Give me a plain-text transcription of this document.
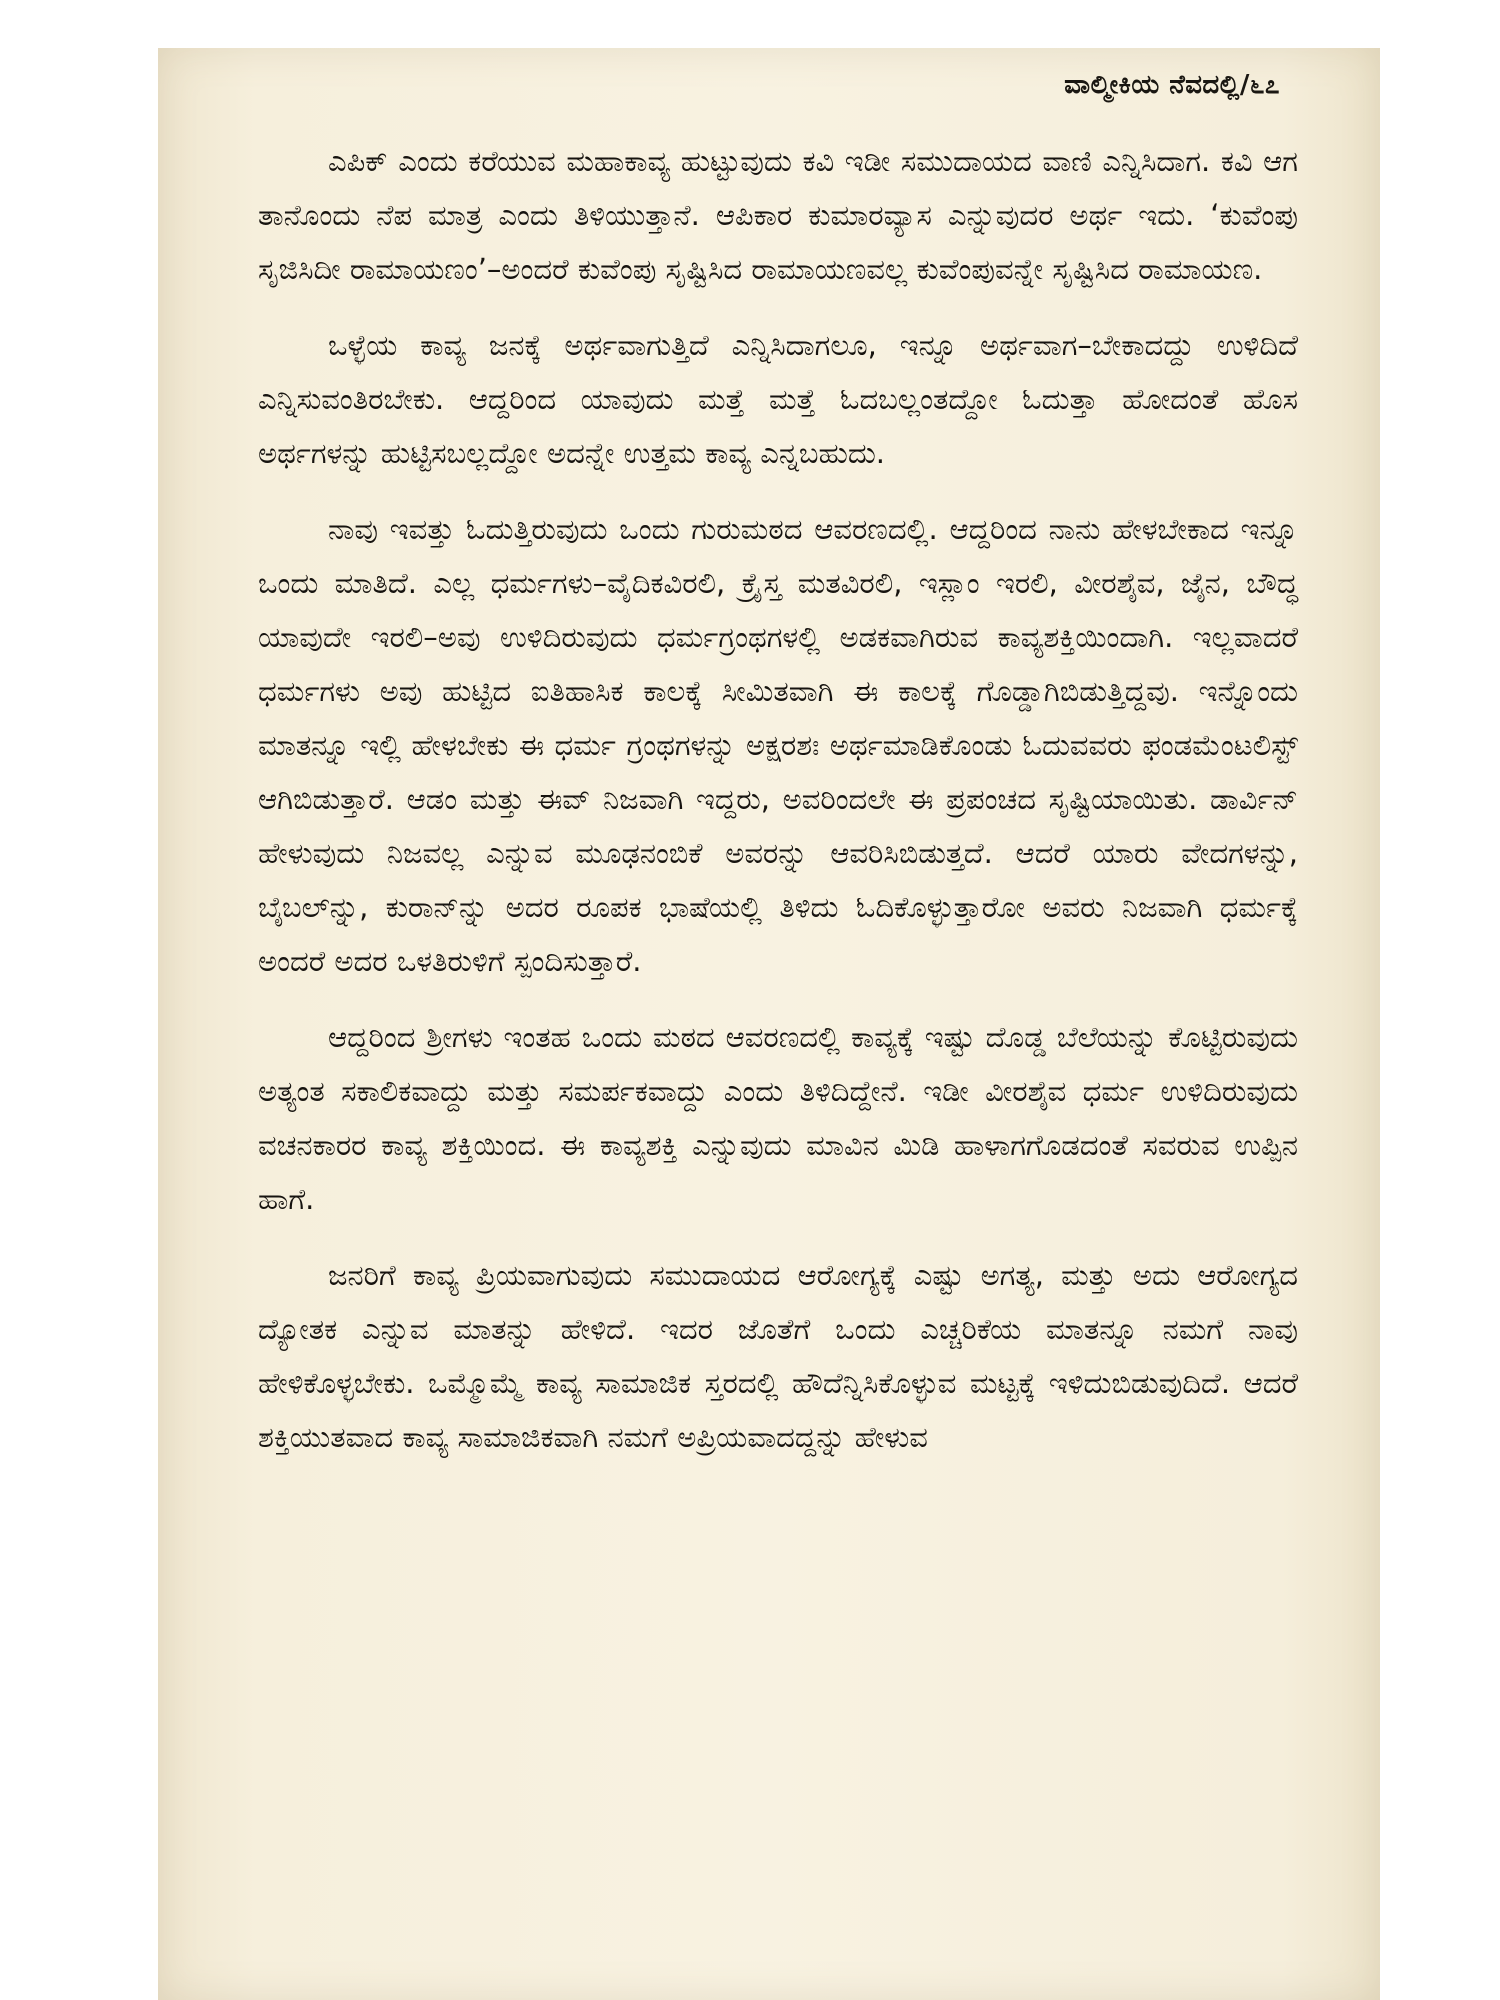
ವಾಲ್ಮೀಕಿಯ ನೆವದಲ್ಲಿ/೬೭

ಎಪಿಕ್ ಎಂದು ಕರೆಯುವ ಮಹಾಕಾವ್ಯ ಹುಟ್ಟುವುದು ಕವಿ ಇಡೀ ಸಮುದಾಯದ ವಾಣಿ ಎನ್ನಿಸಿದಾಗ. ಕವಿ ಆಗ ತಾನೊಂದು ನೆಪ ಮಾತ್ರ ಎಂದು ತಿಳಿಯುತ್ತಾನೆ. ಆಪಿಕಾರ ಕುಮಾರವ್ಯಾಸ ಎನ್ನುವುದರ ಅರ್ಥ ಇದು. ‘ಕುವೆಂಪು ಸೃಜಿಸಿದೀ ರಾಮಾಯಣಂ’–ಅಂದರೆ ಕುವೆಂಪು ಸೃಷ್ಟಿಸಿದ ರಾಮಾಯಣವಲ್ಲ ಕುವೆಂಪುವನ್ನೇ ಸೃಷ್ಟಿಸಿದ ರಾಮಾಯಣ.

ಒಳ್ಳೆಯ ಕಾವ್ಯ ಜನಕ್ಕೆ ಅರ್ಥವಾಗುತ್ತಿದೆ ಎನ್ನಿಸಿದಾಗಲೂ, ಇನ್ನೂ ಅರ್ಥವಾಗ–ಬೇಕಾದದ್ದು ಉಳಿದಿದೆ ಎನ್ನಿಸುವಂತಿರಬೇಕು. ಆದ್ದರಿಂದ ಯಾವುದು ಮತ್ತೆ ಮತ್ತೆ ಓದಬಲ್ಲಂತದ್ದೋ ಓದುತ್ತಾ ಹೋದಂತೆ ಹೊಸ ಅರ್ಥಗಳನ್ನು ಹುಟ್ಟಿಸಬಲ್ಲದ್ದೋ ಅದನ್ನೇ ಉತ್ತಮ ಕಾವ್ಯ ಎನ್ನಬಹುದು.

ನಾವು ಇವತ್ತು ಓದುತ್ತಿರುವುದು ಒಂದು ಗುರುಮಠದ ಆವರಣದಲ್ಲಿ. ಆದ್ದರಿಂದ ನಾನು ಹೇಳಬೇಕಾದ ಇನ್ನೂ ಒಂದು ಮಾತಿದೆ. ಎಲ್ಲ ಧರ್ಮಗಳು–ವೈದಿಕವಿರಲಿ, ಕ್ರೈಸ್ತ ಮತವಿರಲಿ, ಇಸ್ಲಾಂ ಇರಲಿ, ವೀರಶೈವ, ಜೈನ, ಬೌದ್ಧ ಯಾವುದೇ ಇರಲಿ–ಅವು ಉಳಿದಿರುವುದು ಧರ್ಮಗ್ರಂಥಗಳಲ್ಲಿ ಅಡಕವಾಗಿರುವ ಕಾವ್ಯಶಕ್ತಿಯಿಂದಾಗಿ. ಇಲ್ಲವಾದರೆ ಧರ್ಮಗಳು ಅವು ಹುಟ್ಟಿದ ಐತಿಹಾಸಿಕ ಕಾಲಕ್ಕೆ ಸೀಮಿತವಾಗಿ ಈ ಕಾಲಕ್ಕೆ ಗೊಡ್ಡಾಗಿಬಿಡುತ್ತಿದ್ದವು. ಇನ್ನೊಂದು ಮಾತನ್ನೂ ಇಲ್ಲಿ ಹೇಳಬೇಕು ಈ ಧರ್ಮ ಗ್ರಂಥಗಳನ್ನು ಅಕ್ಷರಶಃ ಅರ್ಥಮಾಡಿಕೊಂಡು ಓದುವವರು ಫಂಡಮೆಂಟಲಿಸ್ಟ್ ಆಗಿಬಿಡುತ್ತಾರೆ. ಆಡಂ ಮತ್ತು ಈವ್ ನಿಜವಾಗಿ ಇದ್ದರು, ಅವರಿಂದಲೇ ಈ ಪ್ರಪಂಚದ ಸೃಷ್ಟಿಯಾಯಿತು. ಡಾರ್ವಿನ್ ಹೇಳುವುದು ನಿಜವಲ್ಲ ಎನ್ನುವ ಮೂಢನಂಬಿಕೆ ಅವರನ್ನು ಆವರಿಸಿಬಿಡುತ್ತದೆ. ಆದರೆ ಯಾರು ವೇದಗಳನ್ನು, ಬೈಬಲ್‌ನ್ನು, ಕುರಾನ್‌ನ್ನು ಅದರ ರೂಪಕ ಭಾಷೆಯಲ್ಲಿ ತಿಳಿದು ಓದಿಕೊಳ್ಳುತ್ತಾರೋ ಅವರು ನಿಜವಾಗಿ ಧರ್ಮಕ್ಕೆ ಅಂದರೆ ಅದರ ಒಳತಿರುಳಿಗೆ ಸ್ಪಂದಿಸುತ್ತಾರೆ.

ಆದ್ದರಿಂದ ಶ್ರೀಗಳು ಇಂತಹ ಒಂದು ಮಠದ ಆವರಣದಲ್ಲಿ ಕಾವ್ಯಕ್ಕೆ ಇಷ್ಟು ದೊಡ್ಡ ಬೆಲೆಯನ್ನು ಕೊಟ್ಟಿರುವುದು ಅತ್ಯಂತ ಸಕಾಲಿಕವಾದ್ದು ಮತ್ತು ಸಮರ್ಪಕವಾದ್ದು ಎಂದು ತಿಳಿದಿದ್ದೇನೆ. ಇಡೀ ವೀರಶೈವ ಧರ್ಮ ಉಳಿದಿರುವುದು ವಚನಕಾರರ ಕಾವ್ಯ ಶಕ್ತಿಯಿಂದ. ಈ ಕಾವ್ಯಶಕ್ತಿ ಎನ್ನುವುದು ಮಾವಿನ ಮಿಡಿ ಹಾಳಾಗಗೊಡದಂತೆ ಸವರುವ ಉಪ್ಪಿನ ಹಾಗೆ.

ಜನರಿಗೆ ಕಾವ್ಯ ಪ್ರಿಯವಾಗುವುದು ಸಮುದಾಯದ ಆರೋಗ್ಯಕ್ಕೆ ಎಷ್ಟು ಅಗತ್ಯ, ಮತ್ತು ಅದು ಆರೋಗ್ಯದ ದ್ಯೋತಕ ಎನ್ನುವ ಮಾತನ್ನು ಹೇಳಿದೆ. ಇದರ ಜೊತೆಗೆ ಒಂದು ಎಚ್ಚರಿಕೆಯ ಮಾತನ್ನೂ ನಮಗೆ ನಾವು ಹೇಳಿಕೊಳ್ಳಬೇಕು. ಒಮ್ಮೊಮ್ಮೆ ಕಾವ್ಯ ಸಾಮಾಜಿಕ ಸ್ತರದಲ್ಲಿ ಹೌದೆನ್ನಿಸಿಕೊಳ್ಳುವ ಮಟ್ಟಕ್ಕೆ ಇಳಿದುಬಿಡುವುದಿದೆ. ಆದರೆ ಶಕ್ತಿಯುತವಾದ ಕಾವ್ಯ ಸಾಮಾಜಿಕವಾಗಿ ನಮಗೆ ಅಪ್ರಿಯವಾದದ್ದನ್ನು ಹೇಳುವ
